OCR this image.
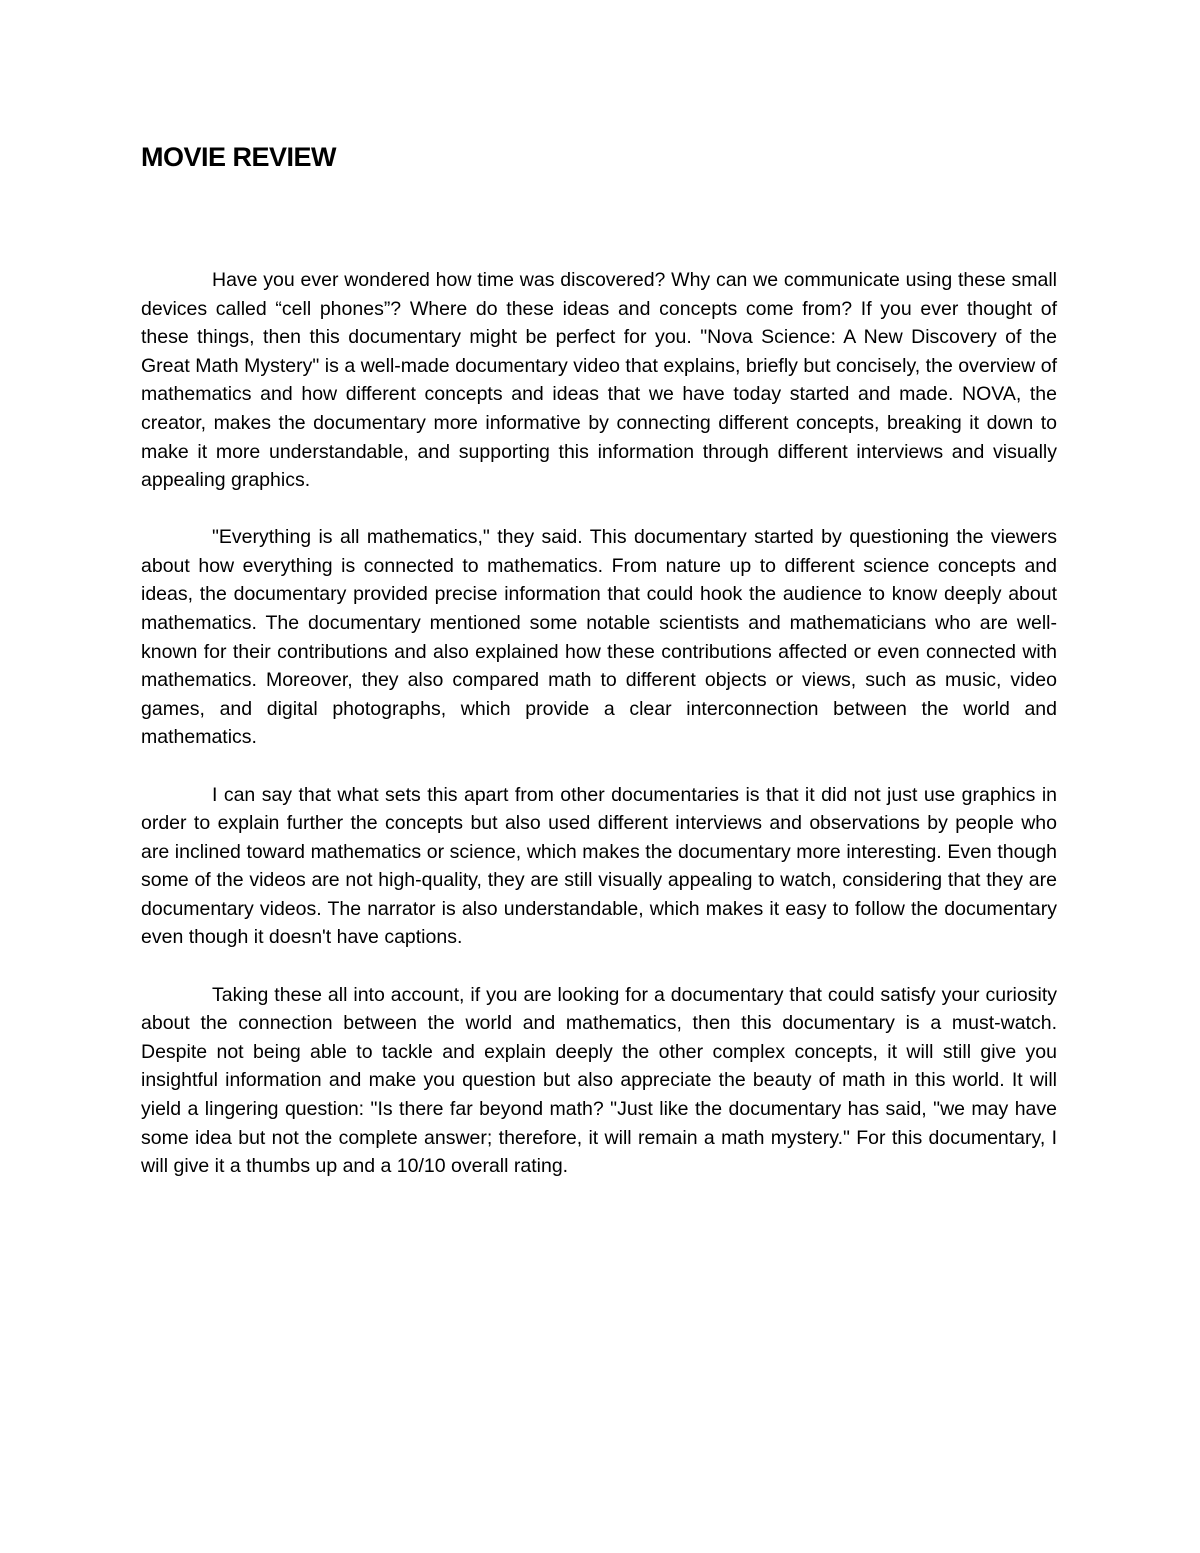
MOVIE REVIEW

Have you ever wondered how time was discovered? Why can we communicate using these small devices called “cell phones”? Where do these ideas and concepts come from? If you ever thought of these things, then this documentary might be perfect for you. "Nova Science: A New Discovery of the Great Math Mystery" is a well-made documentary video that explains, briefly but concisely, the overview of mathematics and how different concepts and ideas that we have today started and made. NOVA, the creator, makes the documentary more informative by connecting different concepts, breaking it down to make it more understandable, and supporting this information through different interviews and visually appealing graphics.

"Everything is all mathematics," they said. This documentary started by questioning the viewers about how everything is connected to mathematics. From nature up to different science concepts and ideas, the documentary provided precise information that could hook the audience to know deeply about mathematics. The documentary mentioned some notable scientists and mathematicians who are well-known for their contributions and also explained how these contributions affected or even connected with mathematics. Moreover, they also compared math to different objects or views, such as music, video games, and digital photographs, which provide a clear interconnection between the world and mathematics.

I can say that what sets this apart from other documentaries is that it did not just use graphics in order to explain further the concepts but also used different interviews and observations by people who are inclined toward mathematics or science, which makes the documentary more interesting. Even though some of the videos are not high-quality, they are still visually appealing to watch, considering that they are documentary videos. The narrator is also understandable, which makes it easy to follow the documentary even though it doesn't have captions.

Taking these all into account, if you are looking for a documentary that could satisfy your curiosity about the connection between the world and mathematics, then this documentary is a must-watch. Despite not being able to tackle and explain deeply the other complex concepts, it will still give you insightful information and make you question but also appreciate the beauty of math in this world. It will yield a lingering question: "Is there far beyond math? "Just like the documentary has said, "we may have some idea but not the complete answer; therefore, it will remain a math mystery." For this documentary, I will give it a thumbs up and a 10/10 overall rating.
